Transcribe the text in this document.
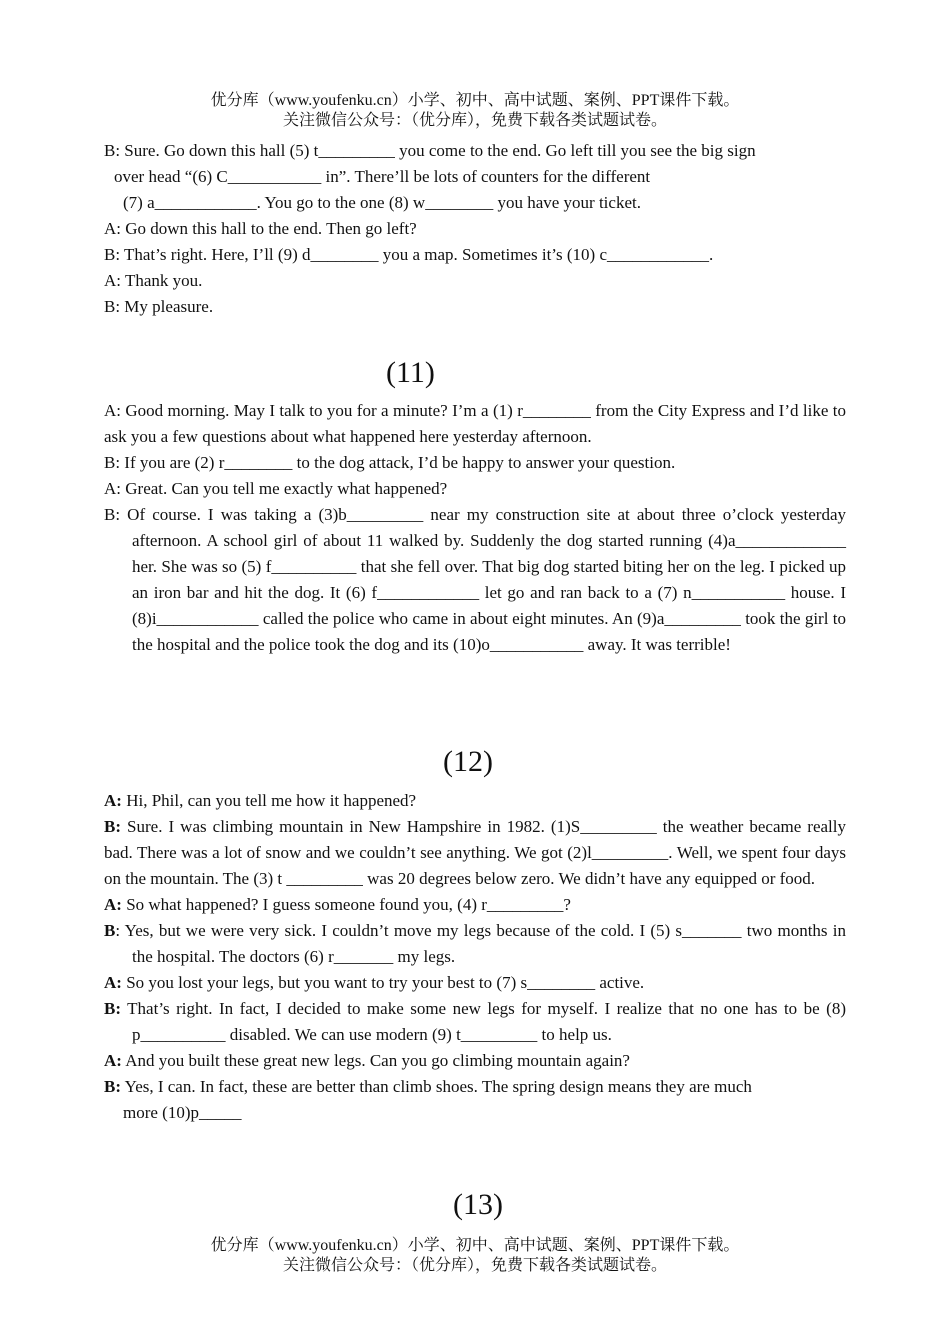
优分库（www.youfenku.cn）小学、初中、高中试题、案例、PPT课件下载。
关注微信公众号：（优分库），免费下载各类试题试卷。

B: Sure. Go down this hall (5) t_________ you come to the end. Go left till you see the big sign

over head “(6) C___________ in”. There’ll be lots of counters for the different

(7) a____________. You go to the one (8) w________ you have your ticket.

A: Go down this hall to the end. Then go left?

B: That’s right. Here, I’ll (9) d________ you a map. Sometimes it’s (10) c____________.

A: Thank you.

B: My pleasure.

(11)

A: Good morning. May I talk to you for a minute? I’m a (1) r________ from the City Express and I’d like to ask you a few questions about what happened here yesterday afternoon.

B: If you are (2) r________ to the dog attack, I’d be happy to answer your question.

A: Great. Can you tell me exactly what happened?

B: Of course. I was taking a (3)b_________ near my construction site at about three o’clock yesterday afternoon. A school girl of about 11 walked by. Suddenly the dog started running (4)a_____________ her. She was so (5) f__________ that she fell over. That big dog started biting her on the leg. I picked up an iron bar and hit the dog. It (6) f____________ let go and ran back to a (7) n___________ house. I (8)i____________ called the police who came in about eight minutes. An (9)a_________ took the girl to the hospital and the police took the dog and its (10)o___________ away. It was terrible!

(12)

A: Hi, Phil, can you tell me how it happened?

B: Sure. I was climbing mountain in New Hampshire in 1982. (1)S_________ the weather became really bad. There was a lot of snow and we couldn’t see anything. We got (2)l_________. Well, we spent four days on the mountain. The (3) t _________ was 20 degrees below zero. We didn’t have any equipped or food.

A: So what happened? I guess someone found you, (4) r_________?

B: Yes, but we were very sick. I couldn’t move my legs because of the cold. I (5) s_______ two months in the hospital. The doctors (6) r_______ my legs.

A: So you lost your legs, but you want to try your best to (7) s________ active.

B: That’s right. In fact, I decided to make some new legs for myself. I realize that no one has to be (8) p__________ disabled. We can use modern (9) t_________ to help us.

A: And you built these great new legs. Can you go climbing mountain again?

B: Yes, I can. In fact, these are better than climb shoes. The spring design means they are much

more (10)p_____

(13)
优分库（www.youfenku.cn）小学、初中、高中试题、案例、PPT课件下载。
关注微信公众号：（优分库），免费下载各类试题试卷。
